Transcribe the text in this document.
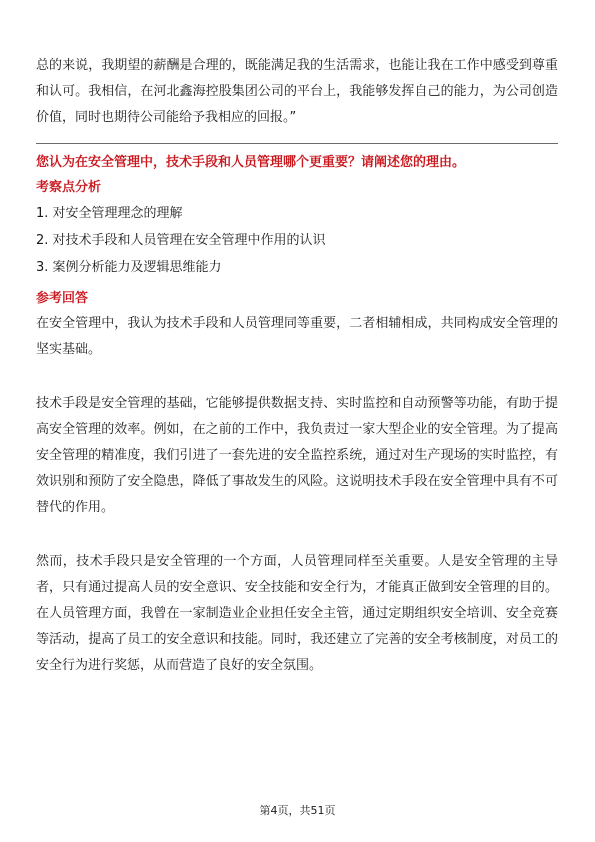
总的来说，我期望的薪酬是合理的，既能满足我的生活需求，也能让我在工作中感受到尊重和认可。我相信，在河北鑫海控股集团公司的平台上，我能够发挥自己的能力，为公司创造价值，同时也期待公司能给予我相应的回报。”

您认为在安全管理中，技术手段和人员管理哪个更重要？请阐述您的理由。
考察点分析
1. 对安全管理理念的理解
2. 对技术手段和人员管理在安全管理中作用的认识
3. 案例分析能力及逻辑思维能力
参考回答

在安全管理中，我认为技术手段和人员管理同等重要，二者相辅相成，共同构成安全管理的坚实基础。

技术手段是安全管理的基础，它能够提供数据支持、实时监控和自动预警等功能，有助于提高安全管理的效率。例如，在之前的工作中，我负责过一家大型企业的安全管理。为了提高安全管理的精准度，我们引进了一套先进的安全监控系统，通过对生产现场的实时监控，有效识别和预防了安全隐患，降低了事故发生的风险。这说明技术手段在安全管理中具有不可替代的作用。

然而，技术手段只是安全管理的一个方面，人员管理同样至关重要。人是安全管理的主导者，只有通过提高人员的安全意识、安全技能和安全行为，才能真正做到安全管理的目的。在人员管理方面，我曾在一家制造业企业担任安全主管，通过定期组织安全培训、安全竞赛等活动，提高了员工的安全意识和技能。同时，我还建立了完善的安全考核制度，对员工的安全行为进行奖惩，从而营造了良好的安全氛围。

第4页，共51页
